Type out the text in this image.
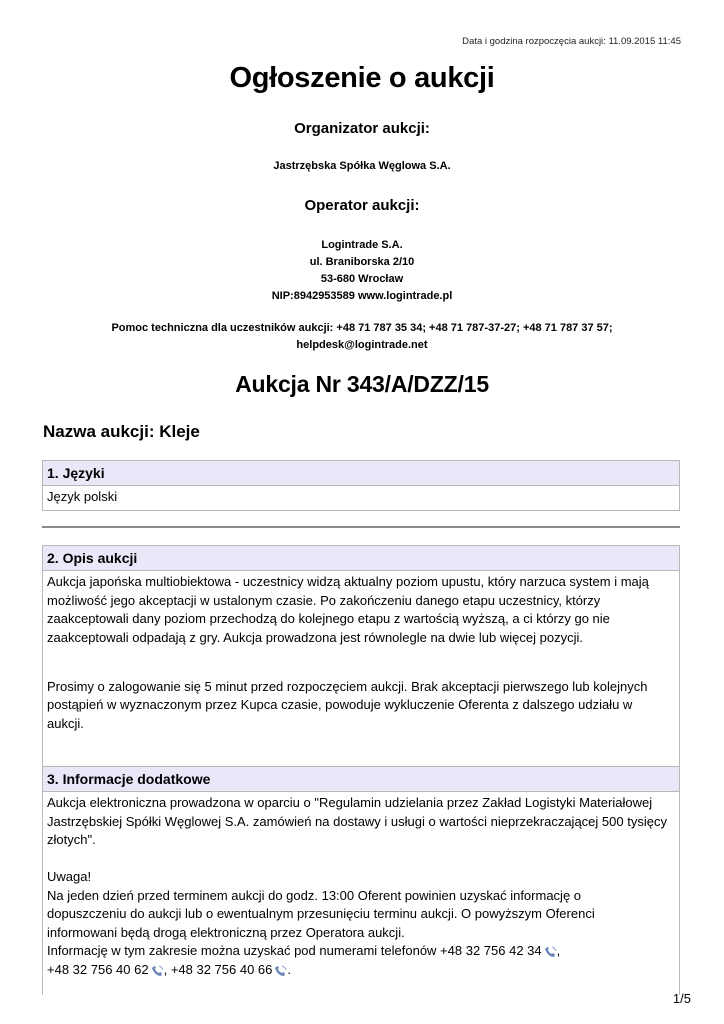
Data i godzina rozpoczęcia aukcji: 11.09.2015 11:45
Ogłoszenie o aukcji
Organizator aukcji:
Jastrzębska Spółka Węglowa S.A.
Operator aukcji:
Logintrade S.A.
ul. Braniborska 2/10
53-680 Wrocław
NIP:8942953589 www.logintrade.pl
Pomoc techniczna dla uczestników aukcji: +48 71 787 35 34; +48 71 787-37-27; +48 71 787 37 57;
helpdesk@logintrade.net
Aukcja Nr 343/A/DZZ/15
Nazwa aukcji: Kleje
1. Języki
Język polski
2. Opis aukcji
Aukcja japońska multiobiektowa - uczestnicy widzą aktualny poziom upustu, który narzuca system i mają
możliwość jego akceptacji w ustalonym czasie. Po zakończeniu danego etapu uczestnicy, którzy
zaakceptowali dany poziom przechodzą do kolejnego etapu z wartością wyższą, a ci którzy go nie
zaakceptowali odpadają z gry. Aukcja prowadzona jest równolegle na dwie lub więcej pozycji.
Prosimy o zalogowanie się 5 minut przed rozpoczęciem aukcji. Brak akceptacji pierwszego lub kolejnych
postąpień w wyznaczonym przez Kupca czasie, powoduje wykluczenie Oferenta z dalszego udziału w
aukcji.
3. Informacje dodatkowe
Aukcja elektroniczna prowadzona w oparciu o "Regulamin udzielania przez Zakład Logistyki Materiałowej
Jastrzębskiej Spółki Węglowej S.A. zamówień na dostawy i usługi o wartości nieprzekraczającej 500 tysięcy
złotych".
Uwaga!
Na jeden dzień przed terminem aukcji do godz. 13:00 Oferent powinien uzyskać informację o
dopuszczeniu do aukcji lub o ewentualnym przesunięciu terminu aukcji. O powyższym Oferenci
informowani będą drogą elektroniczną przez Operatora aukcji.
Informację w tym zakresie można uzyskać pod numerami telefonów +48 32 756 42 34 ,
+48 32 756 40 62 , +48 32 756 40 66 .
1/5
